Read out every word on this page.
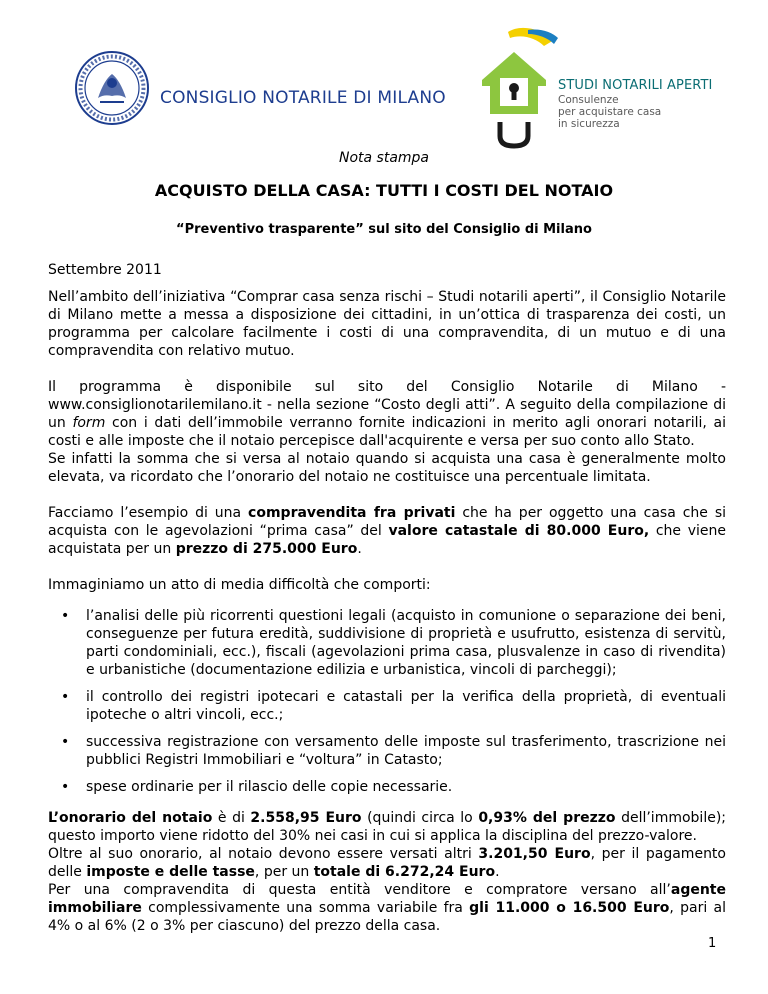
CONSIGLIO NOTARILE DI MILANO
STUDI NOTARILI APERTI
Consulenze
per acquistare casa
in sicurezza
Nota stampa
ACQUISTO DELLA CASA: TUTTI I COSTI DEL NOTAIO
“Preventivo trasparente” sul sito del Consiglio di Milano
Settembre 2011

Nell’ambito dell’iniziativa “Comprar casa senza rischi – Studi notarili aperti”, il Consiglio Notarile di Milano mette a messa a disposizione dei cittadini, in un’ottica di trasparenza dei costi, un programma per calcolare facilmente i costi di una compravendita, di un mutuo e di una compravendita con relativo mutuo.

Il programma è disponibile sul sito del Consiglio Notarile di Milano - www.consiglionotarilemilano.it - nella sezione “Costo degli atti”. A seguito della compilazione di un form con i dati dell’immobile verranno fornite indicazioni in merito agli onorari notarili, ai costi e alle imposte che il notaio percepisce dall'acquirente e versa per suo conto allo Stato.

Se infatti la somma che si versa al notaio quando si acquista una casa è generalmente molto elevata, va ricordato che l’onorario del notaio ne costituisce una percentuale limitata.

Facciamo l’esempio di una compravendita fra privati che ha per oggetto una casa che si acquista con le agevolazioni “prima casa” del valore catastale di 80.000 Euro, che viene acquistata per un prezzo di 275.000 Euro.

Immaginiamo un atto di media difficoltà che comporti:

• l’analisi delle più ricorrenti questioni legali (acquisto in comunione o separazione dei beni, conseguenze per futura eredità, suddivisione di proprietà e usufrutto, esistenza di servitù, parti condominiali, ecc.), fiscali (agevolazioni prima casa, plusvalenze in caso di rivendita) e urbanistiche (documentazione edilizia e urbanistica, vincoli di parcheggi);
• il controllo dei registri ipotecari e catastali per la verifica della proprietà, di eventuali ipoteche o altri vincoli, ecc.;
• successiva registrazione con versamento delle imposte sul trasferimento, trascrizione nei pubblici Registri Immobiliari e “voltura” in Catasto;
• spese ordinarie per il rilascio delle copie necessarie.

L’onorario del notaio è di 2.558,95 Euro (quindi circa lo 0,93% del prezzo dell’immobile); questo importo viene ridotto del 30% nei casi in cui si applica la disciplina del prezzo-valore.

Oltre al suo onorario, al notaio devono essere versati altri 3.201,50 Euro, per il pagamento delle imposte e delle tasse, per un totale di 6.272,24 Euro.

Per una compravendita di questa entità venditore e compratore versano all’agente immobiliare complessivamente una somma variabile fra gli 11.000 o 16.500 Euro, pari al 4% o al 6% (2 o 3% per ciascuno) del prezzo della casa.

1
